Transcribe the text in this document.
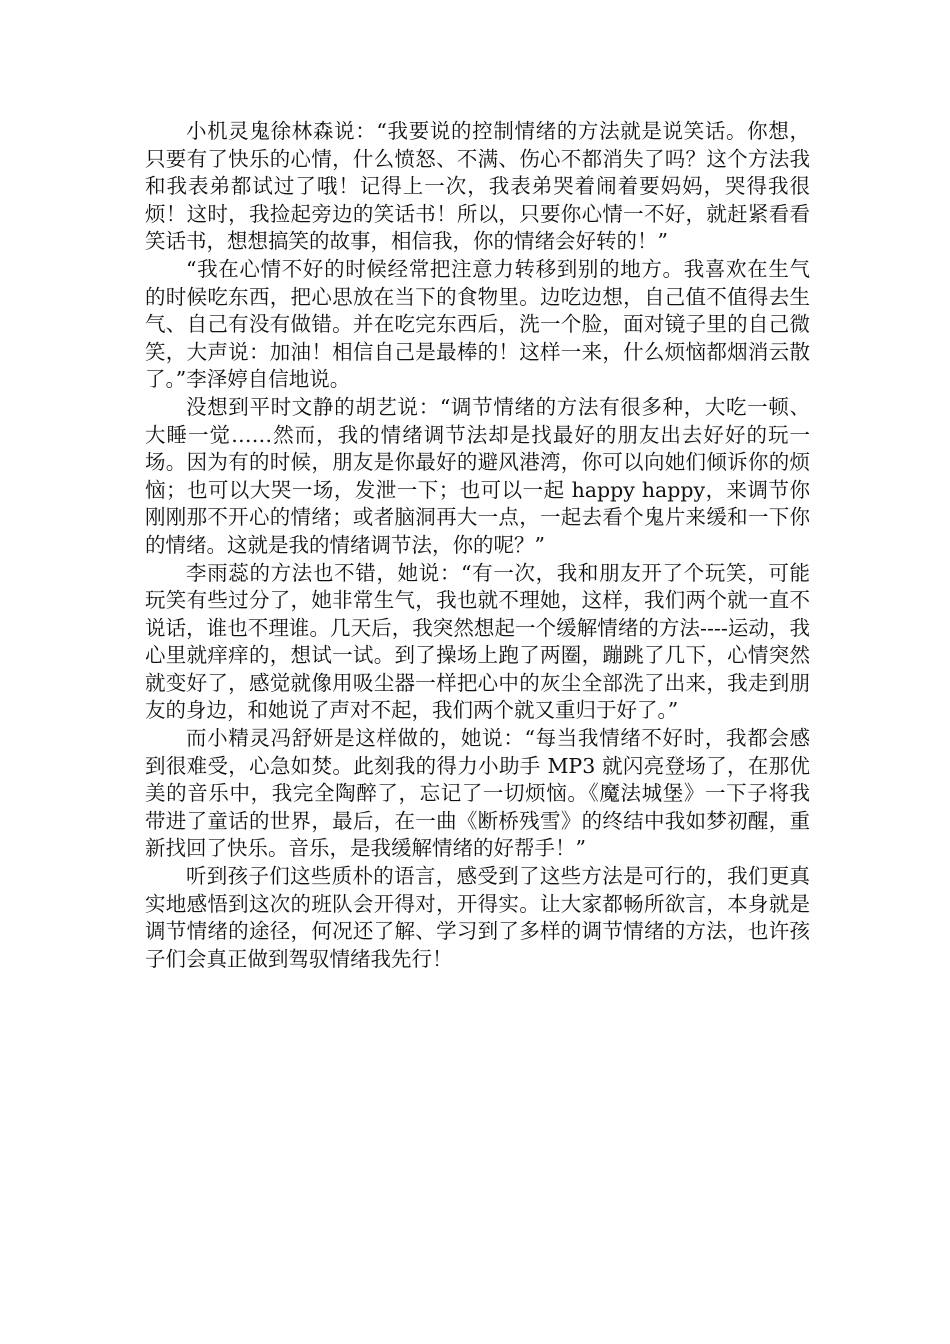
小机灵鬼徐林森说：“我要说的控制情绪的方法就是说笑话。你想，只要有了快乐的心情，什么愤怒、不满、伤心不都消失了吗？这个方法我和我表弟都试过了哦！记得上一次，我表弟哭着闹着要妈妈，哭得我很烦！这时，我捡起旁边的笑话书！所以，只要你心情一不好，就赶紧看看笑话书，想想搞笑的故事，相信我，你的情绪会好转的！”

“我在心情不好的时候经常把注意力转移到别的地方。我喜欢在生气的时候吃东西，把心思放在当下的食物里。边吃边想，自己值不值得去生气、自己有没有做错。并在吃完东西后，洗一个脸，面对镜子里的自己微笑，大声说：加油！相信自己是最棒的！这样一来，什么烦恼都烟消云散了。”李泽婷自信地说。

没想到平时文静的胡艺说：“调节情绪的方法有很多种，大吃一顿、大睡一觉……然而，我的情绪调节法却是找最好的朋友出去好好的玩一场。因为有的时候，朋友是你最好的避风港湾，你可以向她们倾诉你的烦恼；也可以大哭一场，发泄一下；也可以一起 happy happy，来调节你刚刚那不开心的情绪；或者脑洞再大一点，一起去看个鬼片来缓和一下你的情绪。这就是我的情绪调节法，你的呢？”

李雨蕊的方法也不错，她说：“有一次，我和朋友开了个玩笑，可能玩笑有些过分了，她非常生气，我也就不理她，这样，我们两个就一直不说话，谁也不理谁。几天后，我突然想起一个缓解情绪的方法----运动，我心里就痒痒的，想试一试。到了操场上跑了两圈，蹦跳了几下，心情突然就变好了，感觉就像用吸尘器一样把心中的灰尘全部洗了出来，我走到朋友的身边，和她说了声对不起，我们两个就又重归于好了。”

而小精灵冯舒妍是这样做的，她说：“每当我情绪不好时，我都会感到很难受，心急如焚。此刻我的得力小助手 MP3 就闪亮登场了，在那优美的音乐中，我完全陶醉了，忘记了一切烦恼。《魔法城堡》一下子将我带进了童话的世界，最后，在一曲《断桥残雪》的终结中我如梦初醒，重新找回了快乐。音乐，是我缓解情绪的好帮手！”

听到孩子们这些质朴的语言，感受到了这些方法是可行的，我们更真实地感悟到这次的班队会开得对，开得实。让大家都畅所欲言，本身就是调节情绪的途径，何况还了解、学习到了多样的调节情绪的方法，也许孩子们会真正做到驾驭情绪我先行！
